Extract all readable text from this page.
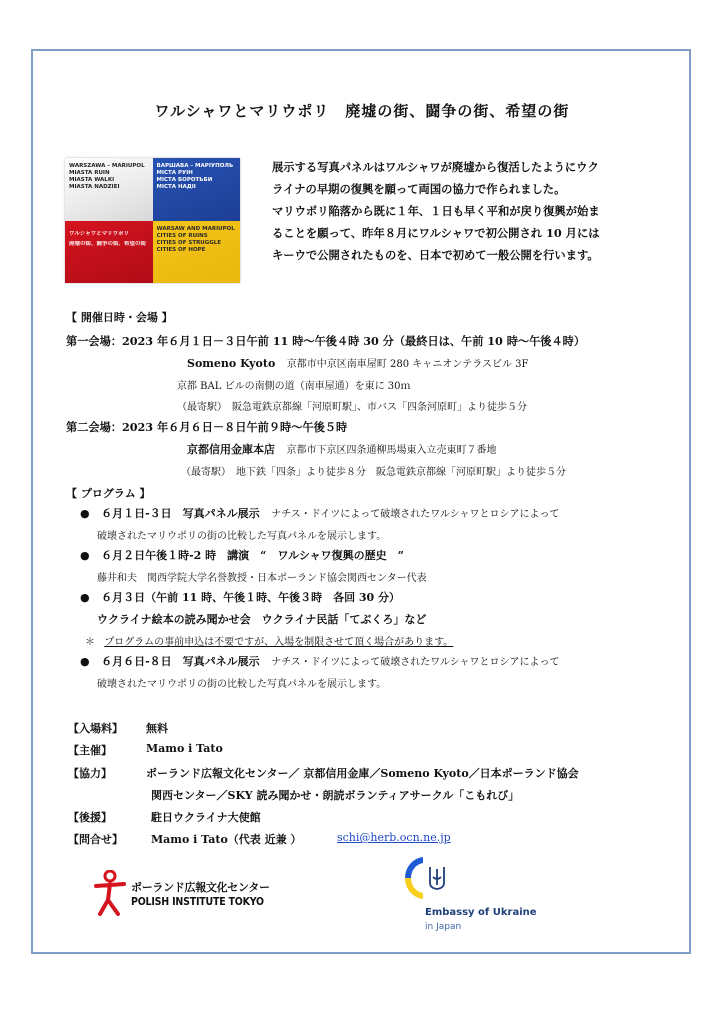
ワルシャワとマリウポリ　廃墟の街、闘争の街、希望の街
WARSZAWA – MARIUPOL
MIASTA RUIN
MIASTA WALKI
MIASTA NADZIEI
ВАРШАВА – МАРІУПОЛЬ
МІСТА РУЇН
МІСТА БОРОТЬБИ
МІСТА НАДІЇ
ワルシャワとマリウポリ
廃墟の街、闘争の街、希望の街
WARSAW AND MARIUPOL
CITIES OF RUINS
CITIES OF STRUGGLE
CITIES OF HOPE
展示する写真パネルはワルシャワが廃墟から復活したようにウク
ライナの早期の復興を願って両国の協力で作られました。
マリウポリ陥落から既に１年、１日も早く平和が戻り復興が始ま
ることを願って、昨年８月にワルシャワで初公開され 10 月には
キーウで公開されたものを、日本で初めて一般公開を行います。
【 開催日時・会場 】
第一会場：2023 年６月１日－３日午前 11 時～午後４時 30 分（最終日は、午前 10 時～午後４時）
Someno Kyoto 京都市中京区南車屋町 280 キャニオンテラスビル 3F
京都 BAL ビルの南側の道（南車屋通）を東に 30ｍ
（最寄駅）　阪急電鉄京都線「河原町駅」、市バス「四条河原町」より徒歩５分
第二会場：2023 年６月６日－８日午前９時～午後５時
京都信用金庫本店 京都市下京区四条通柳馬場東入立売東町７番地
（最寄駅）　地下鉄「四条」より徒歩８分　阪急電鉄京都線「河原町駅」より徒歩５分
【 プログラム 】
● ６月１日-３日　写真パネル展示 ナチス・ドイツによって破壊されたワルシャワとロシアによって
破壊されたマリウポリの街の比較した写真パネルを展示します。
● ６月２日午後１時-2 時　講演　“　ワルシャワ復興の歴史　”
藤井和夫　関西学院大学名誉教授・日本ポーランド協会関西センター代表
● ６月３日（午前 11 時、午後１時、午後３時　各回 30 分）
ウクライナ絵本の読み聞かせ会　ウクライナ民話「てぶくろ」など
＊ プログラムの事前申込は不要ですが、入場を制限させて頂く場合があります。
● ６月６日-８日　写真パネル展示 ナチス・ドイツによって破壊されたワルシャワとロシアによって
破壊されたマリウポリの街の比較した写真パネルを展示します。
【入場料】 無料
【主催】	Mamo i Tato
【協力】	ポーランド広報文化センター／ 京都信用金庫／Someno Kyoto／日本ポーランド協会
関西センター／SKY 読み聞かせ・朗読ボランティアサークル「こもれび」
【後援】	駐日ウクライナ大使館
【問合せ】	Mamo i Tato（代表 近兼 ）	schi@herb.ocn.ne.jp
ポーランド広報文化センター
POLISH INSTITUTE TOKYO
Embassy of Ukraine
in Japan
